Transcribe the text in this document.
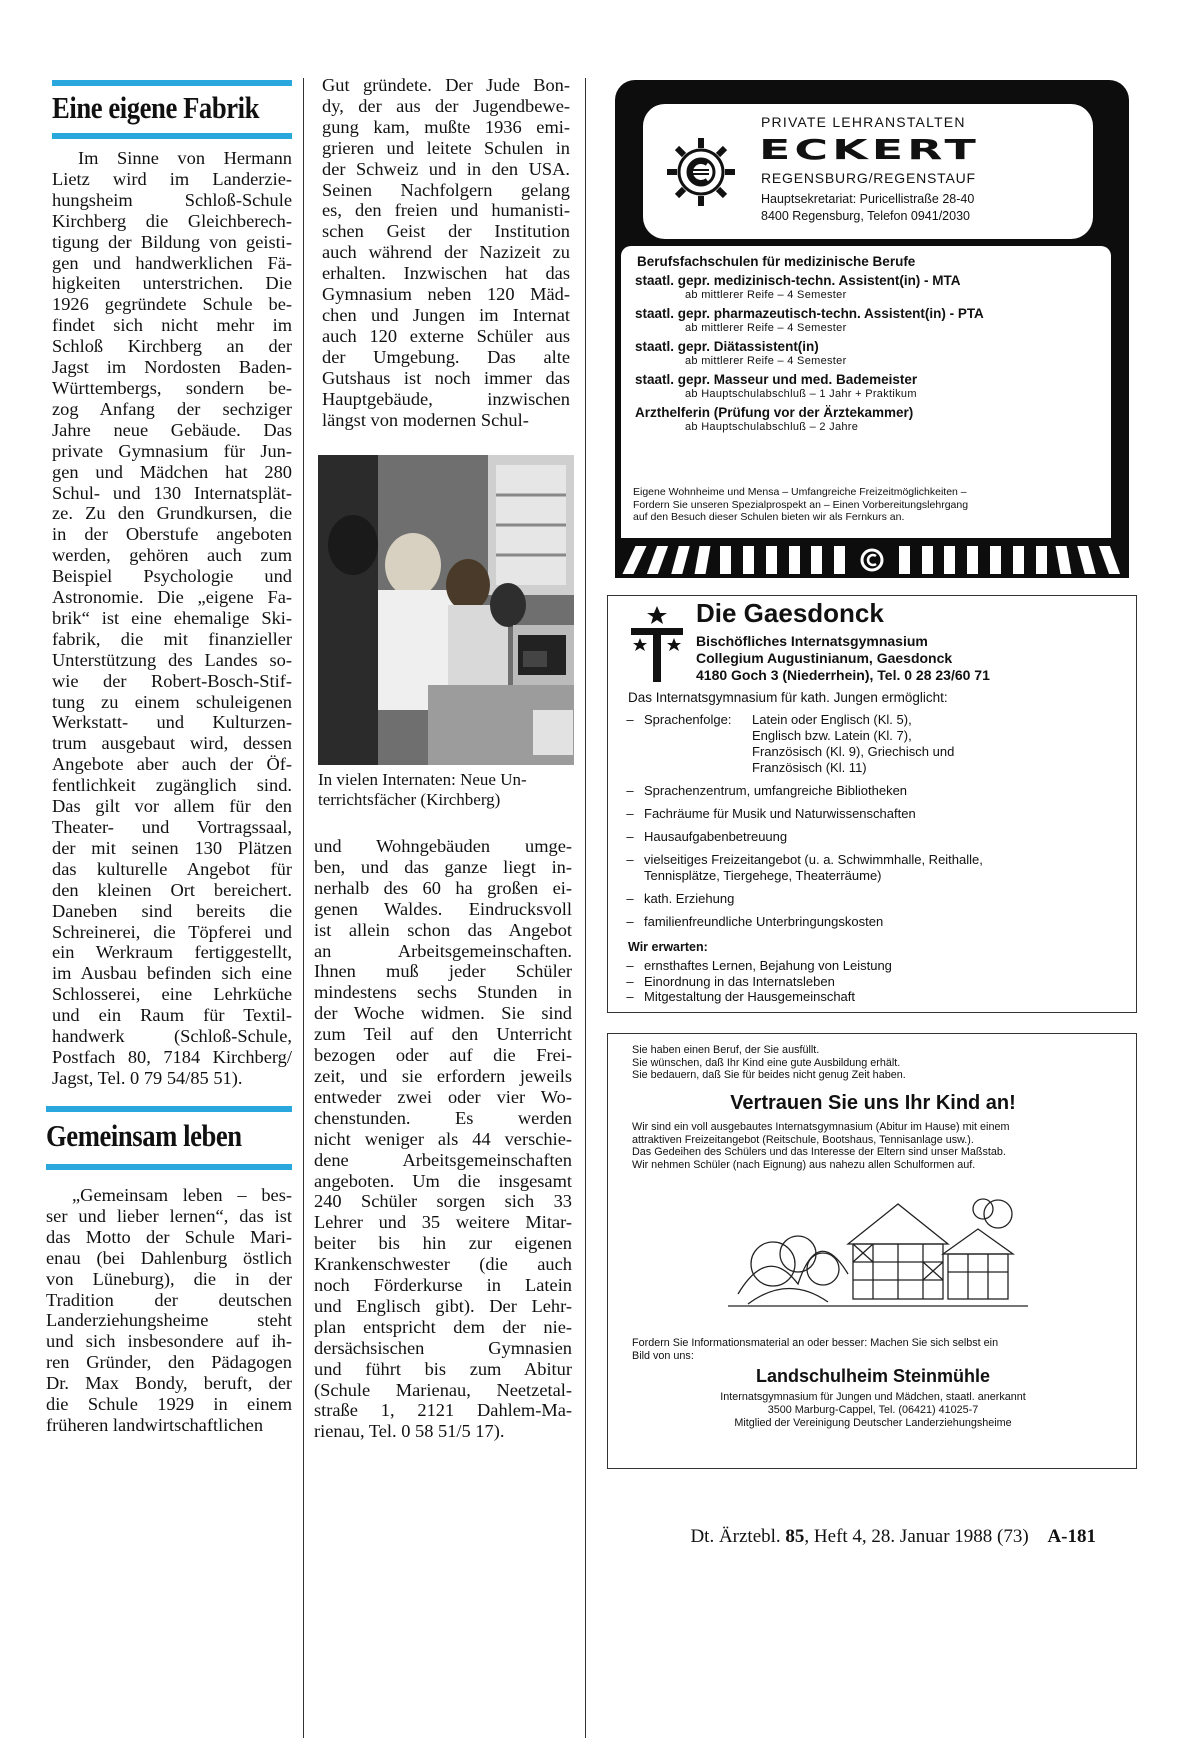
Eine eigene Fabrik
Im Sinne von Hermann
Lietz wird im Landerzie-
hungsheim Schloß-Schule
Kirchberg die Gleichberech-
tigung der Bildung von geisti-
gen und handwerklichen Fä-
higkeiten unterstrichen. Die
1926 gegründete Schule be-
findet sich nicht mehr im
Schloß Kirchberg an der
Jagst im Nordosten Baden-
Württembergs, sondern be-
zog Anfang der sechziger
Jahre neue Gebäude. Das
private Gymnasium für Jun-
gen und Mädchen hat 280
Schul- und 130 Internatsplät-
ze. Zu den Grundkursen, die
in der Oberstufe angeboten
werden, gehören auch zum
Beispiel Psychologie und
Astronomie. Die „eigene Fa-
brik“ ist eine ehemalige Ski-
fabrik, die mit finanzieller
Unterstützung des Landes so-
wie der Robert-Bosch-Stif-
tung zu einem schuleigenen
Werkstatt- und Kulturzen-
trum ausgebaut wird, dessen
Angebote aber auch der Öf-
fentlichkeit zugänglich sind.
Das gilt vor allem für den
Theater- und Vortragssaal,
der mit seinen 130 Plätzen
das kulturelle Angebot für
den kleinen Ort bereichert.
Daneben sind bereits die
Schreinerei, die Töpferei und
ein Werkraum fertiggestellt,
im Ausbau befinden sich eine
Schlosserei, eine Lehrküche
und ein Raum für Textil-
handwerk (Schloß-Schule,
Postfach 80, 7184 Kirchberg/
Jagst, Tel. 0 79 54/85 51).
Gemeinsam leben
„Gemeinsam leben – bes-
ser und lieber lernen“, das ist
das Motto der Schule Mari-
enau (bei Dahlenburg östlich
von Lüneburg), die in der
Tradition der deutschen
Landerziehungsheime steht
und sich insbesondere auf ih-
ren Gründer, den Pädagogen
Dr. Max Bondy, beruft, der
die Schule 1929 in einem
früheren landwirtschaftlichen
Gut gründete. Der Jude Bon-
dy, der aus der Jugendbewe-
gung kam, mußte 1936 emi-
grieren und leitete Schulen in
der Schweiz und in den USA.
Seinen Nachfolgern gelang
es, den freien und humanisti-
schen Geist der Institution
auch während der Nazizeit zu
erhalten. Inzwischen hat das
Gymnasium neben 120 Mäd-
chen und Jungen im Internat
auch 120 externe Schüler aus
der Umgebung. Das alte
Gutshaus ist noch immer das
Hauptgebäude, inzwischen
längst von modernen Schul-
In vielen Internaten: Neue Un-
terrichtsfächer (Kirchberg)
und Wohngebäuden umge-
ben, und das ganze liegt in-
nerhalb des 60 ha großen ei-
genen Waldes. Eindrucksvoll
ist allein schon das Angebot
an Arbeitsgemeinschaften.
Ihnen muß jeder Schüler
mindestens sechs Stunden in
der Woche widmen. Sie sind
zum Teil auf den Unterricht
bezogen oder auf die Frei-
zeit, und sie erfordern jeweils
entweder zwei oder vier Wo-
chenstunden. Es werden
nicht weniger als 44 verschie-
dene Arbeitsgemeinschaften
angeboten. Um die insgesamt
240 Schüler sorgen sich 33
Lehrer und 35 weitere Mitar-
beiter bis hin zur eigenen
Krankenschwester (die auch
noch Förderkurse in Latein
und Englisch gibt). Der Lehr-
plan entspricht dem der nie-
dersächsischen Gymnasien
und führt bis zum Abitur
(Schule Marienau, Neetzetal-
straße 1, 2121 Dahlem-Ma-
rienau, Tel. 0 58 51/5 17).
PRIVATE LEHRANSTALTEN
ECKERT
REGENSBURG/REGENSTAUF
Hauptsekretariat: Puricellistraße 28-40
8400 Regensburg, Telefon 0941/2030
Berufsfachschulen für medizinische Berufe
staatl. gepr. medizinisch-techn. Assistent(in) - MTA
ab mittlerer Reife – 4 Semester
staatl. gepr. pharmazeutisch-techn. Assistent(in) - PTA
ab mittlerer Reife – 4 Semester
staatl. gepr. Diätassistent(in)
ab mittlerer Reife – 4 Semester
staatl. gepr. Masseur und med. Bademeister
ab Hauptschulabschluß – 1 Jahr + Praktikum
Arzthelferin (Prüfung vor der Ärztekammer)
ab Hauptschulabschluß – 2 Jahre
Eigene Wohnheime und Mensa – Umfangreiche Freizeitmöglichkeiten –
Fordern Sie unseren Spezialprospekt an – Einen Vorbereitungslehrgang
auf den Besuch dieser Schulen bieten wir als Fernkurs an.
Die Gaesdonck
Bischöfliches Internatsgymnasium
Collegium Augustinianum, Gaesdonck
4180 Goch 3 (Niederrhein), Tel. 0 28 23/60 71
Das Internatsgymnasium für kath. Jungen ermöglicht:
– Sprachenfolge:	Latein oder Englisch (Kl. 5),
Englisch bzw. Latein (Kl. 7),
Französisch (Kl. 9), Griechisch und
Französisch (Kl. 11)
– Sprachenzentrum, umfangreiche Bibliotheken
– Fachräume für Musik und Naturwissenschaften
– Hausaufgabenbetreuung
– vielseitiges Freizeitangebot (u. a. Schwimmhalle, Reithalle,
Tennisplätze, Tiergehege, Theaterräume)
– kath. Erziehung
– familienfreundliche Unterbringungskosten
Wir erwarten:
– ernsthaftes Lernen, Bejahung von Leistung
– Einordnung in das Internatsleben
– Mitgestaltung der Hausgemeinschaft
Sie haben einen Beruf, der Sie ausfüllt.
Sie wünschen, daß Ihr Kind eine gute Ausbildung erhält.
Sie bedauern, daß Sie für beides nicht genug Zeit haben.
Vertrauen Sie uns Ihr Kind an!
Wir sind ein voll ausgebautes Internatsgymnasium (Abitur im Hause) mit einem
attraktiven Freizeitangebot (Reitschule, Bootshaus, Tennisanlage usw.).
Das Gedeihen des Schülers und das Interesse der Eltern sind unser Maßstab.
Wir nehmen Schüler (nach Eignung) aus nahezu allen Schulformen auf.
Fordern Sie Informationsmaterial an oder besser: Machen Sie sich selbst ein
Bild von uns:
Landschulheim Steinmühle
Internatsgymnasium für Jungen und Mädchen, staatl. anerkannt
3500 Marburg-Cappel, Tel. (06421) 41025-7
Mitglied der Vereinigung Deutscher Landerziehungsheime
Dt. Ärztebl. 85, Heft 4, 28. Januar 1988 (73) A-181
